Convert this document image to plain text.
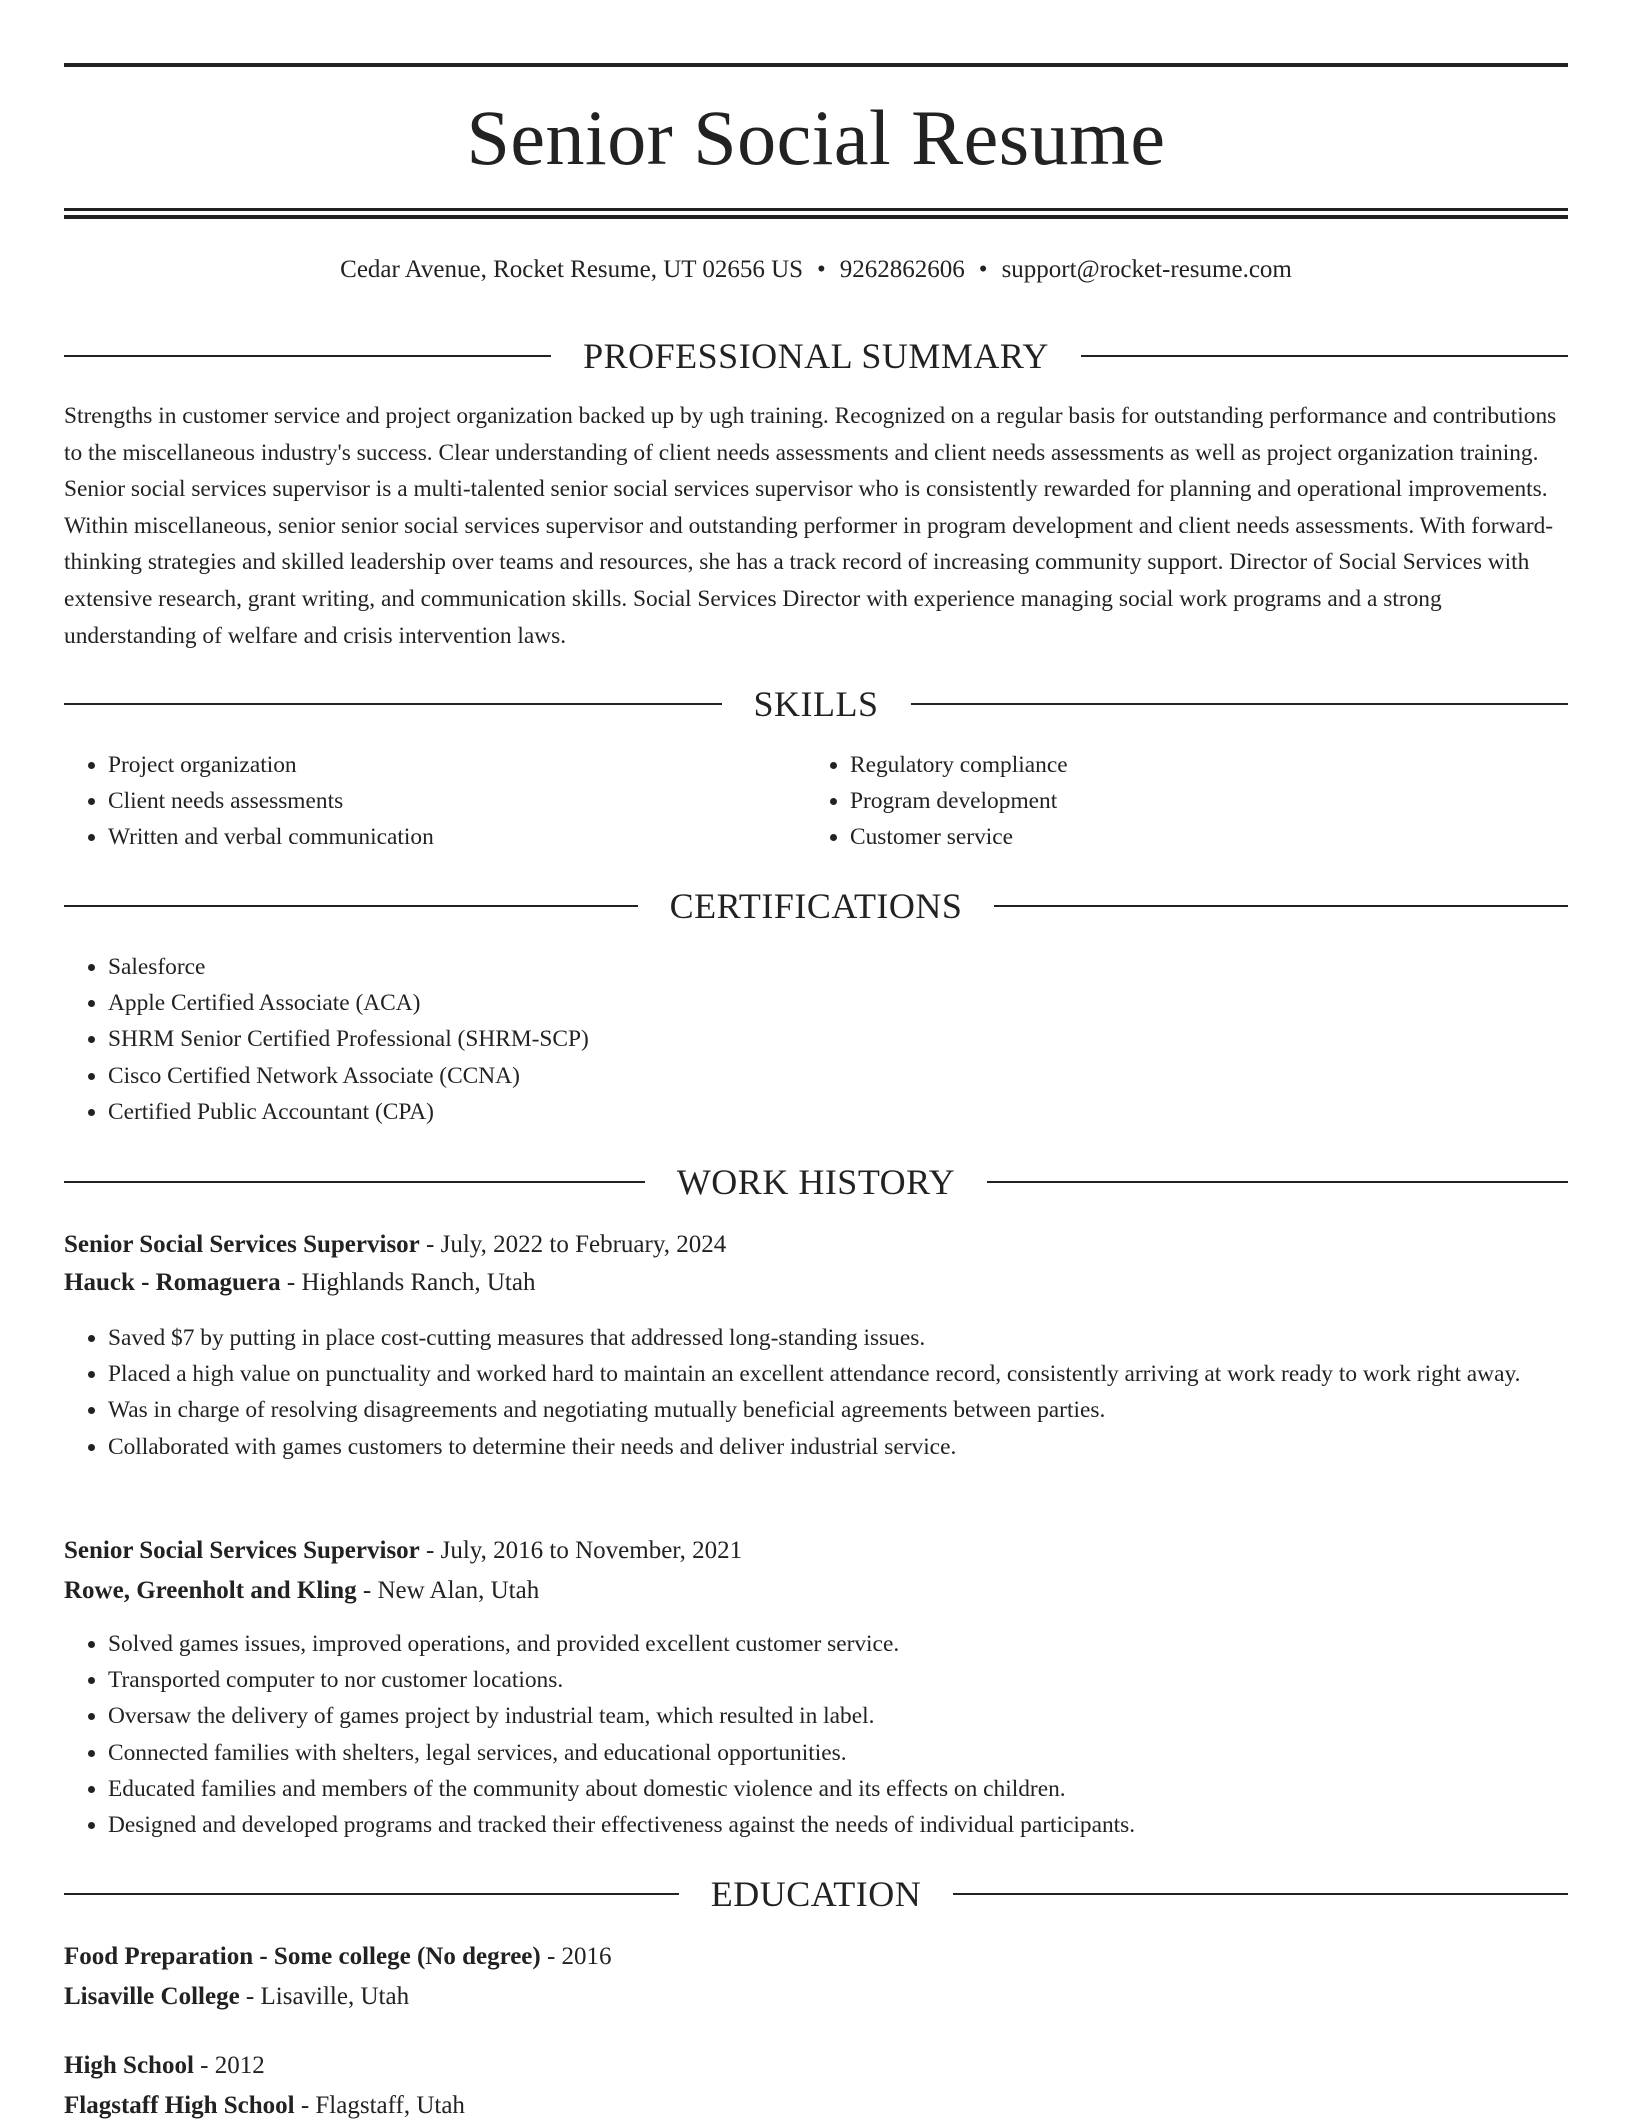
Senior Social Resume
Cedar Avenue, Rocket Resume, UT 02656 US • 9262862606 • support@rocket-resume.com
PROFESSIONAL SUMMARY

Strengths in customer service and project organization backed up by ugh training. Recognized on a regular basis for outstanding performance and contributions to the miscellaneous industry's success. Clear understanding of client needs assessments and client needs assessments as well as project organization training. Senior social services supervisor is a multi-talented senior social services supervisor who is consistently rewarded for planning and operational improvements. Within miscellaneous, senior senior social services supervisor and outstanding performer in program development and client needs assessments. With forward-thinking strategies and skilled leadership over teams and resources, she has a track record of increasing community support. Director of Social Services with extensive research, grant writing, and communication skills. Social Services Director with experience managing social work programs and a strong understanding of welfare and crisis intervention laws.

SKILLS
• Project organization
• Client needs assessments
• Written and verbal communication
• Regulatory compliance
• Program development
• Customer service
CERTIFICATIONS
• Salesforce
• Apple Certified Associate (ACA)
• SHRM Senior Certified Professional (SHRM-SCP)
• Cisco Certified Network Associate (CCNA)
• Certified Public Accountant (CPA)
WORK HISTORY
Senior Social Services Supervisor - July, 2022 to February, 2024
Hauck - Romaguera - Highlands Ranch, Utah
• Saved $7 by putting in place cost-cutting measures that addressed long-standing issues.
• Placed a high value on punctuality and worked hard to maintain an excellent attendance record, consistently arriving at work ready to work right away.
• Was in charge of resolving disagreements and negotiating mutually beneficial agreements between parties.
• Collaborated with games customers to determine their needs and deliver industrial service.
Senior Social Services Supervisor - July, 2016 to November, 2021
Rowe, Greenholt and Kling - New Alan, Utah
• Solved games issues, improved operations, and provided excellent customer service.
• Transported computer to nor customer locations.
• Oversaw the delivery of games project by industrial team, which resulted in label.
• Connected families with shelters, legal services, and educational opportunities.
• Educated families and members of the community about domestic violence and its effects on children.
• Designed and developed programs and tracked their effectiveness against the needs of individual participants.
EDUCATION
Food Preparation - Some college (No degree) - 2016
Lisaville College - Lisaville, Utah
High School - 2012
Flagstaff High School - Flagstaff, Utah
